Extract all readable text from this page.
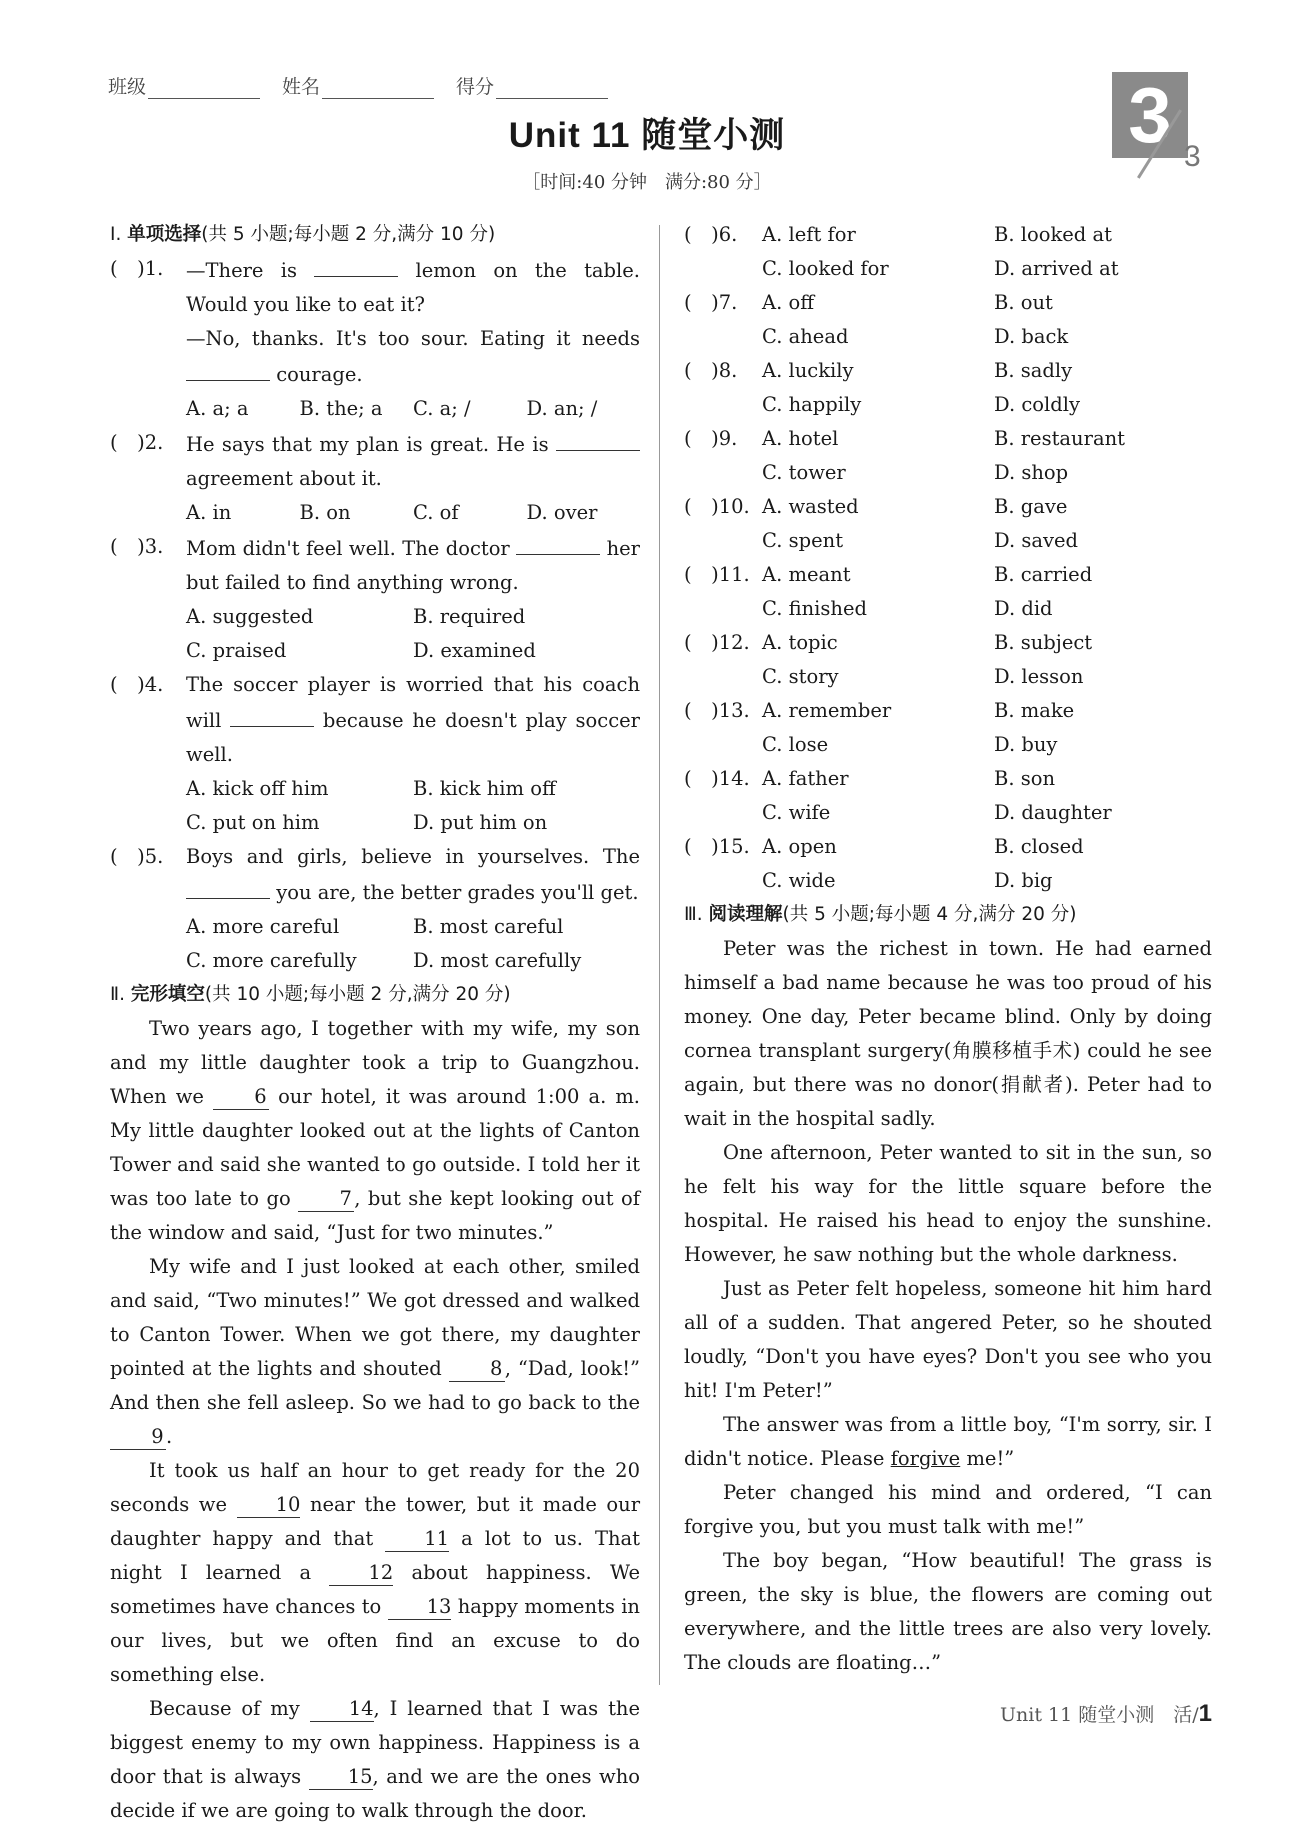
班级	姓名	得分
Unit 11 随堂小测
［时间:40 分钟　满分:80 分］
3 3
Ⅰ. 单项选择(共 5 小题;每小题 2 分,满分 10 分)
(　)1.	—There is	lemon on the table. Would you like to eat it?
—No, thanks. It's too sour. Eating it needs  courage.
A. a; a	B. the; a	C. a; /	D. an; /
(　)2.	He says that my plan is great. He is  agreement about it.
A. in	B. on	C. of	D. over
(　)3.	Mom didn't feel well. The doctor	her but failed to find anything wrong.
A. suggested	B. required
C. praised	D. examined
(　)4.	The soccer player is worried that his coach will	because he doesn't play soccer well.
A. kick off him	B. kick him off
C. put on him	D. put him on
(　)5.	Boys and girls, believe in yourselves. The  you are, the better grades you'll get.
A. more careful	B. most careful
C. more carefully	D. most carefully
Ⅱ. 完形填空(共 10 小题;每小题 2 分,满分 20 分)

Two years ago, I together with my wife, my son and my little daughter took a trip to Guangzhou. When we	6 our hotel, it was around 1:00 a. m. My little daughter looked out at the lights of Canton Tower and said she wanted to go outside. I told her it was too late to go	7 , but she kept looking out of the window and said, “Just for two minutes.”

My wife and I just looked at each other, smiled and said, “Two minutes!” We got dressed and walked to Canton Tower. When we got there, my daughter pointed at the lights and shouted 8 , “Dad, look!” And then she fell asleep. So we had to go back to the 9 .

It took us half an hour to get ready for the 20 seconds we 10 near the tower, but it made our daughter happy and that	11 a lot to us. That night I learned a	12 about happiness. We sometimes have chances to 13 happy moments in our lives, but we often find an excuse to do something else.

Because of my	14, I learned that I was the biggest enemy to my own happiness. Happiness is a door that is always 15, and we are the ones who decide if we are going to walk through the door.

(　)6.	A. left for	B. looked at
C. looked for	D. arrived at
(　)7.	A. off	B. out
C. ahead	D. back
(　)8.	A. luckily	B. sadly
C. happily	D. coldly
(　)9.	A. hotel	B. restaurant
C. tower	D. shop
(　)10. A. wasted	B. gave
C. spent	D. saved
(　)11. A. meant	B. carried
C. finished	D. did
(　)12. A. topic	B. subject
C. story	D. lesson
(　)13. A. remember	B. make
C. lose	D. buy
(　)14. A. father	B. son
C. wife	D. daughter
(　)15. A. open	B. closed
C. wide	D. big
Ⅲ. 阅读理解(共 5 小题;每小题 4 分,满分 20 分)

Peter was the richest in town. He had earned himself a bad name because he was too proud of his money. One day, Peter became blind. Only by doing cornea transplant surgery(角膜移植手术) could he see again, but there was no donor(捐献者). Peter had to wait in the hospital sadly.

One afternoon, Peter wanted to sit in the sun, so he felt his way for the little square before the hospital. He raised his head to enjoy the sunshine. However, he saw nothing but the whole darkness.

Just as Peter felt hopeless, someone hit him hard all of a sudden. That angered Peter, so he shouted loudly, “Don't you have eyes? Don't you see who you hit! I'm Peter!”

The answer was from a little boy, “I'm sorry, sir. I didn't notice. Please forgive me!”

Peter changed his mind and ordered, “I can forgive you, but you must talk with me!”

The boy began, “How beautiful! The grass is green, the sky is blue, the flowers are coming out everywhere, and the little trees are also very lovely. The clouds are floating…”

Unit 11 随堂小测　 活/1
